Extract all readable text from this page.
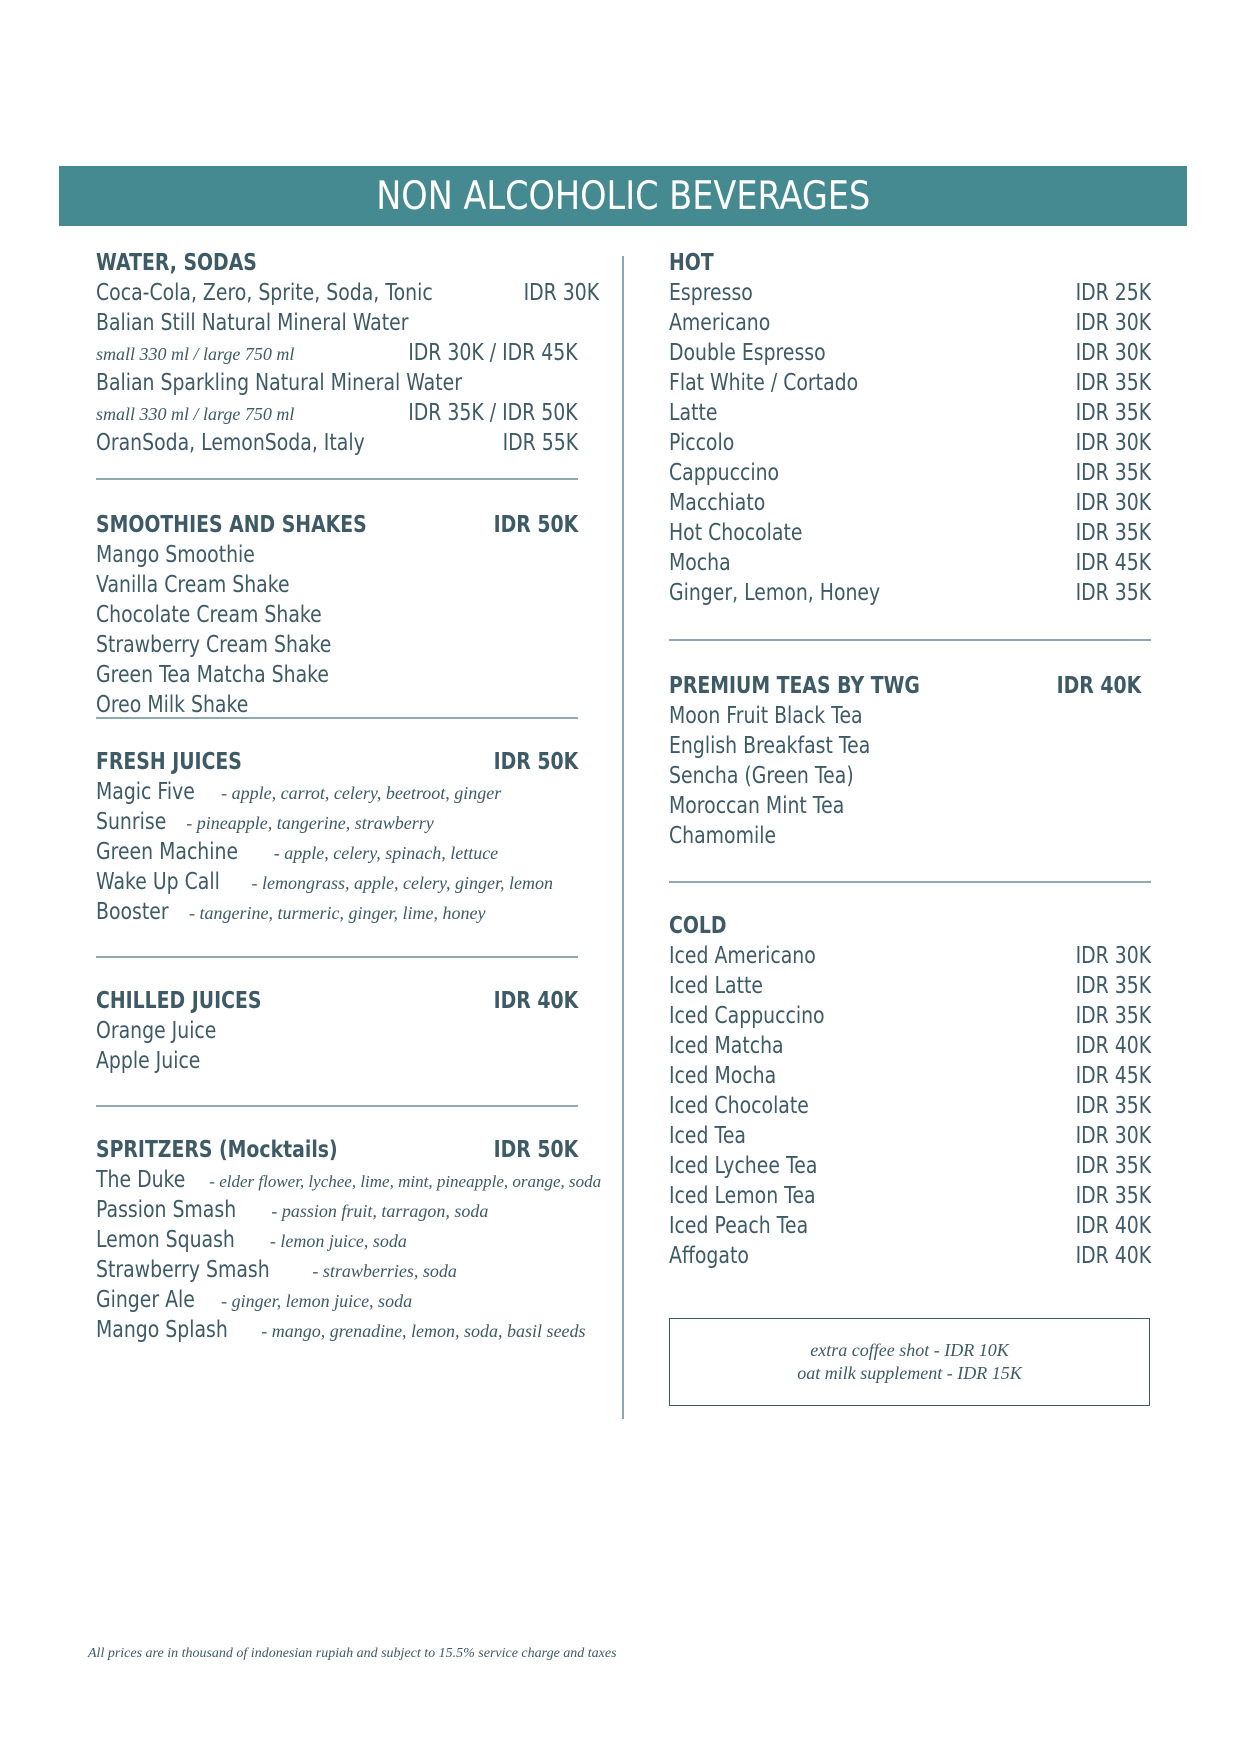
NON ALCOHOLIC BEVERAGES
WATER, SODAS
Coca-Cola, Zero, Sprite, Soda, Tonic	IDR 30K
Balian Still Natural Mineral Water
small 330 ml / large 750 ml	IDR 30K / IDR 45K
Balian Sparkling Natural Mineral Water
small 330 ml / large 750 ml	IDR 35K / IDR 50K
OranSoda, LemonSoda, Italy	IDR 55K
SMOOTHIES AND SHAKES	IDR 50K
Mango Smoothie
Vanilla Cream Shake
Chocolate Cream Shake
Strawberry Cream Shake
Green Tea Matcha Shake
Oreo Milk Shake
FRESH JUICES	IDR 50K
Magic Five - apple, carrot, celery, beetroot, ginger
Sunrise - pineapple, tangerine, strawberry
Green Machine - apple, celery, spinach, lettuce
Wake Up Call - lemongrass, apple, celery, ginger, lemon
Booster - tangerine, turmeric, ginger, lime, honey
CHILLED JUICES	IDR 40K
Orange Juice
Apple Juice
SPRITZERS (Mocktails)	IDR 50K
The Duke - elder flower, lychee, lime, mint, pineapple, orange, soda
Passion Smash - passion fruit, tarragon, soda
Lemon Squash - lemon juice, soda
Strawberry Smash - strawberries, soda
Ginger Ale - ginger, lemon juice, soda
Mango Splash - mango, grenadine, lemon, soda, basil seeds
HOT
Espresso	IDR 25K
Americano	IDR 30K
Double Espresso	IDR 30K
Flat White / Cortado	IDR 35K
Latte	IDR 35K
Piccolo	IDR 30K
Cappuccino	IDR 35K
Macchiato	IDR 30K
Hot Chocolate	IDR 35K
Mocha	IDR 45K
Ginger, Lemon, Honey	IDR 35K
PREMIUM TEAS BY TWG	IDR 40K
Moon Fruit Black Tea
English Breakfast Tea
Sencha (Green Tea)
Moroccan Mint Tea
Chamomile
COLD
Iced Americano	IDR 30K
Iced Latte	IDR 35K
Iced Cappuccino	IDR 35K
Iced Matcha	IDR 40K
Iced Mocha	IDR 45K
Iced Chocolate	IDR 35K
Iced Tea	IDR 30K
Iced Lychee Tea	IDR 35K
Iced Lemon Tea	IDR 35K
Iced Peach Tea	IDR 40K
Affogato	IDR 40K
extra coffee shot - IDR 10K
oat milk supplement - IDR 15K
All prices are in thousand of indonesian rupiah and subject to 15.5% service charge and taxes
